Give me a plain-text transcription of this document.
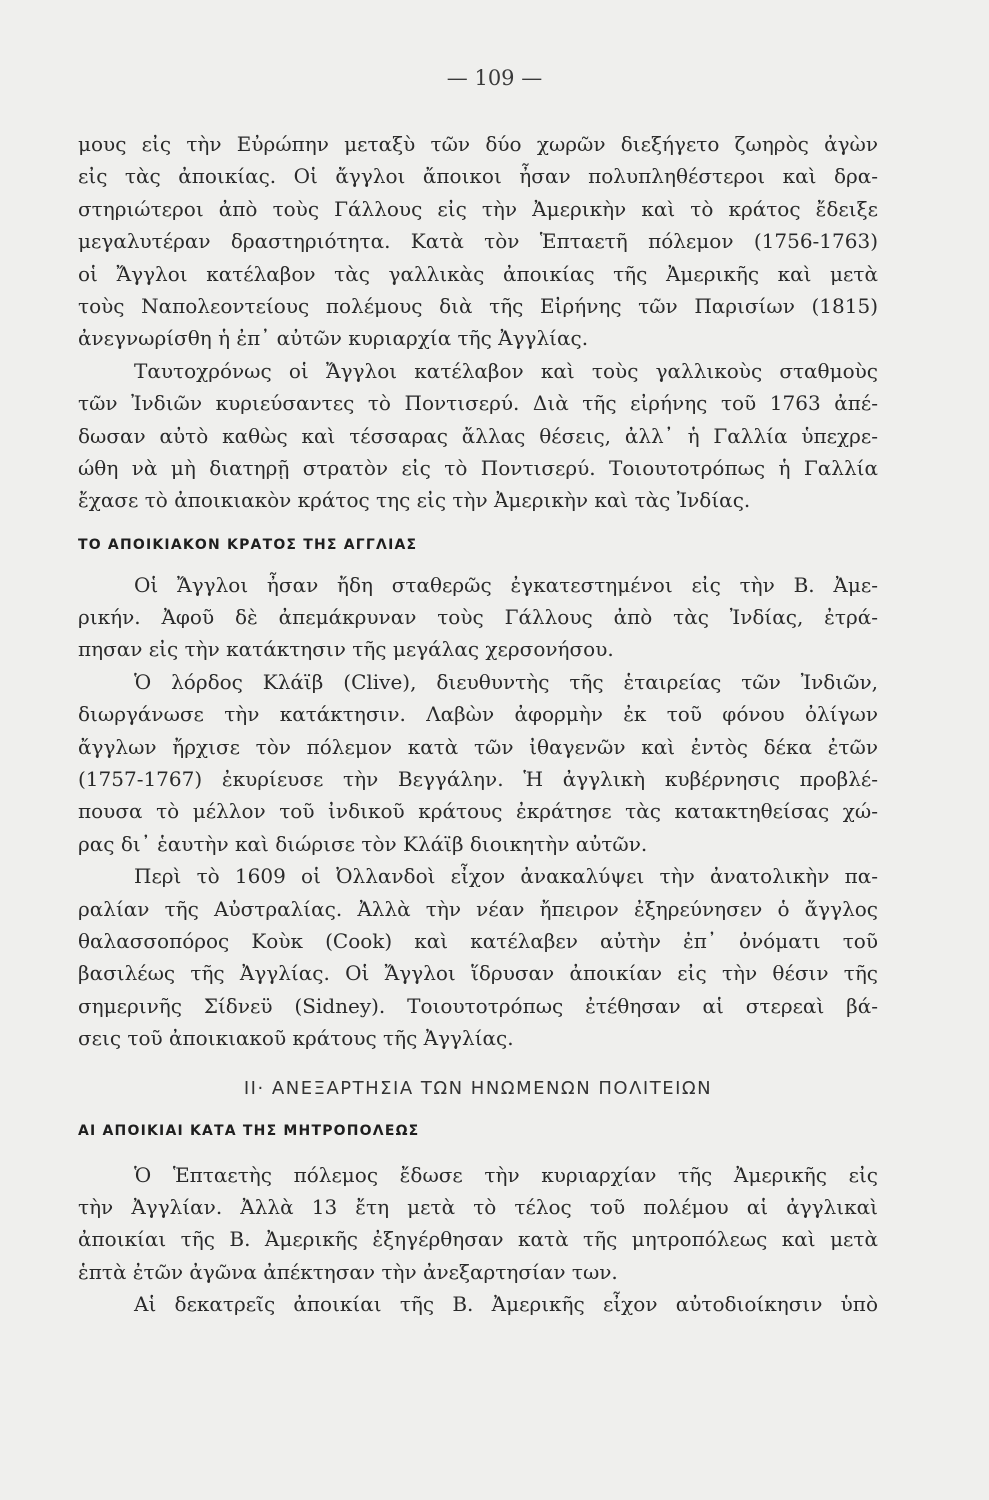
— 109 —
μους εἰς τὴν Εὐρώπην μεταξὺ τῶν δύο χωρῶν διεξήγετο ζωηρὸς ἀγὼν
εἰς τὰς ἀποικίας. Οἱ ἄγγλοι ἄποικοι ἦσαν πολυπληθέστεροι καὶ δρα-
στηριώτεροι ἀπὸ τοὺς Γάλλους εἰς τὴν Ἀμερικὴν καὶ τὸ κράτος ἔδειξε
μεγαλυτέραν δραστηριότητα. Κατὰ τὸν Ἑπταετῆ πόλεμον (1756-1763)
οἱ Ἄγγλοι κατέλαβον τὰς γαλλικὰς ἀποικίας τῆς Ἀμερικῆς καὶ μετὰ
τοὺς Ναπολεοντείους πολέμους διὰ τῆς Εἰρήνης τῶν Παρισίων (1815)
ἀνεγνωρίσθη ἡ ἐπ᾽ αὐτῶν κυριαρχία τῆς Ἀγγλίας.
Ταυτοχρόνως οἱ Ἄγγλοι κατέλαβον καὶ τοὺς γαλλικοὺς σταθμοὺς
τῶν Ἰνδιῶν κυριεύσαντες τὸ Ποντισερύ. Διὰ τῆς εἰρήνης τοῦ 1763 ἀπέ-
δωσαν αὐτὸ καθὼς καὶ τέσσαρας ἄλλας θέσεις, ἀλλ᾽ ἡ Γαλλία ὑπεχρε-
ώθη νὰ μὴ διατηρῇ στρατὸν εἰς τὸ Ποντισερύ. Τοιουτοτρόπως ἡ Γαλλία
ἔχασε τὸ ἀποικιακὸν κράτος της εἰς τὴν Ἀμερικὴν καὶ τὰς Ἰνδίας.
ΤΟ ΑΠΟΙΚΙΑΚΟΝ ΚΡΑΤΟΣ ΤΗΣ ΑΓΓΛΙΑΣ
Οἱ Ἄγγλοι ἦσαν ἤδη σταθερῶς ἐγκατεστημένοι εἰς τὴν Β. Ἀμε-
ρικήν. Ἀφοῦ δὲ ἀπεμάκρυναν τοὺς Γάλλους ἀπὸ τὰς Ἰνδίας, ἐτρά-
πησαν εἰς τὴν κατάκτησιν τῆς μεγάλας χερσονήσου.
Ὁ λόρδος Κλάϊβ (Clive), διευθυντὴς τῆς ἑταιρείας τῶν Ἰνδιῶν,
διωργάνωσε τὴν κατάκτησιν. Λαβὼν ἀφορμὴν ἐκ τοῦ φόνου ὀλίγων
ἄγγλων ἤρχισε τὸν πόλεμον κατὰ τῶν ἰθαγενῶν καὶ ἐντὸς δέκα ἐτῶν
(1757-1767) ἐκυρίευσε τὴν Βεγγάλην. Ἡ ἀγγλικὴ κυβέρνησις προβλέ-
πουσα τὸ μέλλον τοῦ ἰνδικοῦ κράτους ἐκράτησε τὰς κατακτηθείσας χώ-
ρας δι᾽ ἑαυτὴν καὶ διώρισε τὸν Κλάϊβ διοικητὴν αὐτῶν.
Περὶ τὸ 1609 οἱ Ὀλλανδοὶ εἶχον ἀνακαλύψει τὴν ἀνατολικὴν πα-
ραλίαν τῆς Αὐστραλίας. Ἀλλὰ τὴν νέαν ἤπειρον ἐξηρεύνησεν ὁ ἄγγλος
θαλασσοπόρος Κοὺκ (Cook) καὶ κατέλαβεν αὐτὴν ἐπ᾽ ὀνόματι τοῦ
βασιλέως τῆς Ἀγγλίας. Οἱ Ἄγγλοι ἵδρυσαν ἀποικίαν εἰς τὴν θέσιν τῆς
σημερινῆς Σίδνεϋ (Sidney). Τοιουτοτρόπως ἐτέθησαν αἱ στερεαὶ βά-
σεις τοῦ ἀποικιακοῦ κράτους τῆς Ἀγγλίας.
ΙΙ· ΑΝΕΞΑΡΤΗΣΙΑ ΤΩΝ ΗΝΩΜΕΝΩΝ ΠΟΛΙΤΕΙΩΝ
ΑΙ ΑΠΟΙΚΙΑΙ ΚΑΤΑ ΤΗΣ ΜΗΤΡΟΠΟΛΕΩΣ
Ὁ Ἑπταετὴς πόλεμος ἔδωσε τὴν κυριαρχίαν τῆς Ἀμερικῆς εἰς
τὴν Ἀγγλίαν. Ἀλλὰ 13 ἔτη μετὰ τὸ τέλος τοῦ πολέμου αἱ ἀγγλικαὶ
ἀποικίαι τῆς Β. Ἀμερικῆς ἐξηγέρθησαν κατὰ τῆς μητροπόλεως καὶ μετὰ
ἑπτὰ ἐτῶν ἀγῶνα ἀπέκτησαν τὴν ἀνεξαρτησίαν των.
Αἱ δεκατρεῖς ἀποικίαι τῆς Β. Ἀμερικῆς εἶχον αὐτοδιοίκησιν ὑπὸ
